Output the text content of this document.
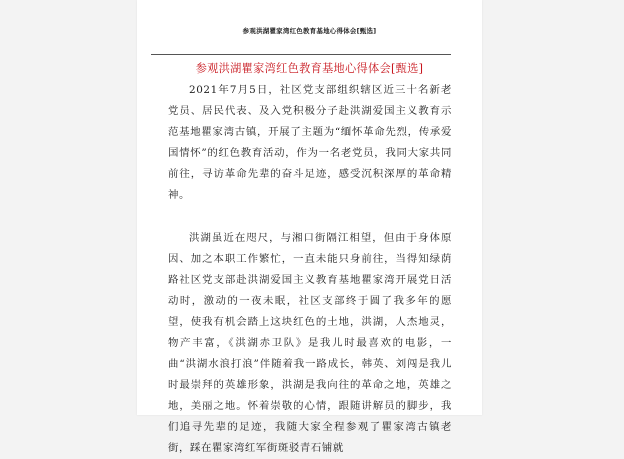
参观洪湖瞿家湾红色教育基地心得体会[甄选]
参观洪湖瞿家湾红色教育基地心得体会[甄选]

2021年7月5日，社区党支部组织辖区近三十名新老党员、居民代表、及入党积极分子赴洪湖爱国主义教育示范基地瞿家湾古镇，开展了主题为“缅怀革命先烈，传承爱国情怀”的红色教育活动，作为一名老党员，我同大家共同前往，寻访革命先辈的奋斗足迹，感受沉积深厚的革命精神。

洪湖虽近在咫尺，与湘口街隔江相望，但由于身体原因、加之本职工作繁忙，一直未能只身前往，当得知绿荫路社区党支部赴洪湖爱国主义教育基地瞿家湾开展党日活动时，激动的一夜未眠，社区支部终于圆了我多年的愿望，使我有机会踏上这块红色的土地，洪湖，人杰地灵，物产丰富，《洪湖赤卫队》是我儿时最喜欢的电影，一曲“洪湖水浪打浪”伴随着我一路成长，韩英、刘闯是我儿时最崇拜的英雄形象，洪湖是我向往的革命之地，英雄之地，美丽之地。怀着崇敬的心情，跟随讲解员的脚步，我们追寻先辈的足迹，我随大家全程参观了瞿家湾古镇老街，踩在瞿家湾红军街斑驳青石铺就
